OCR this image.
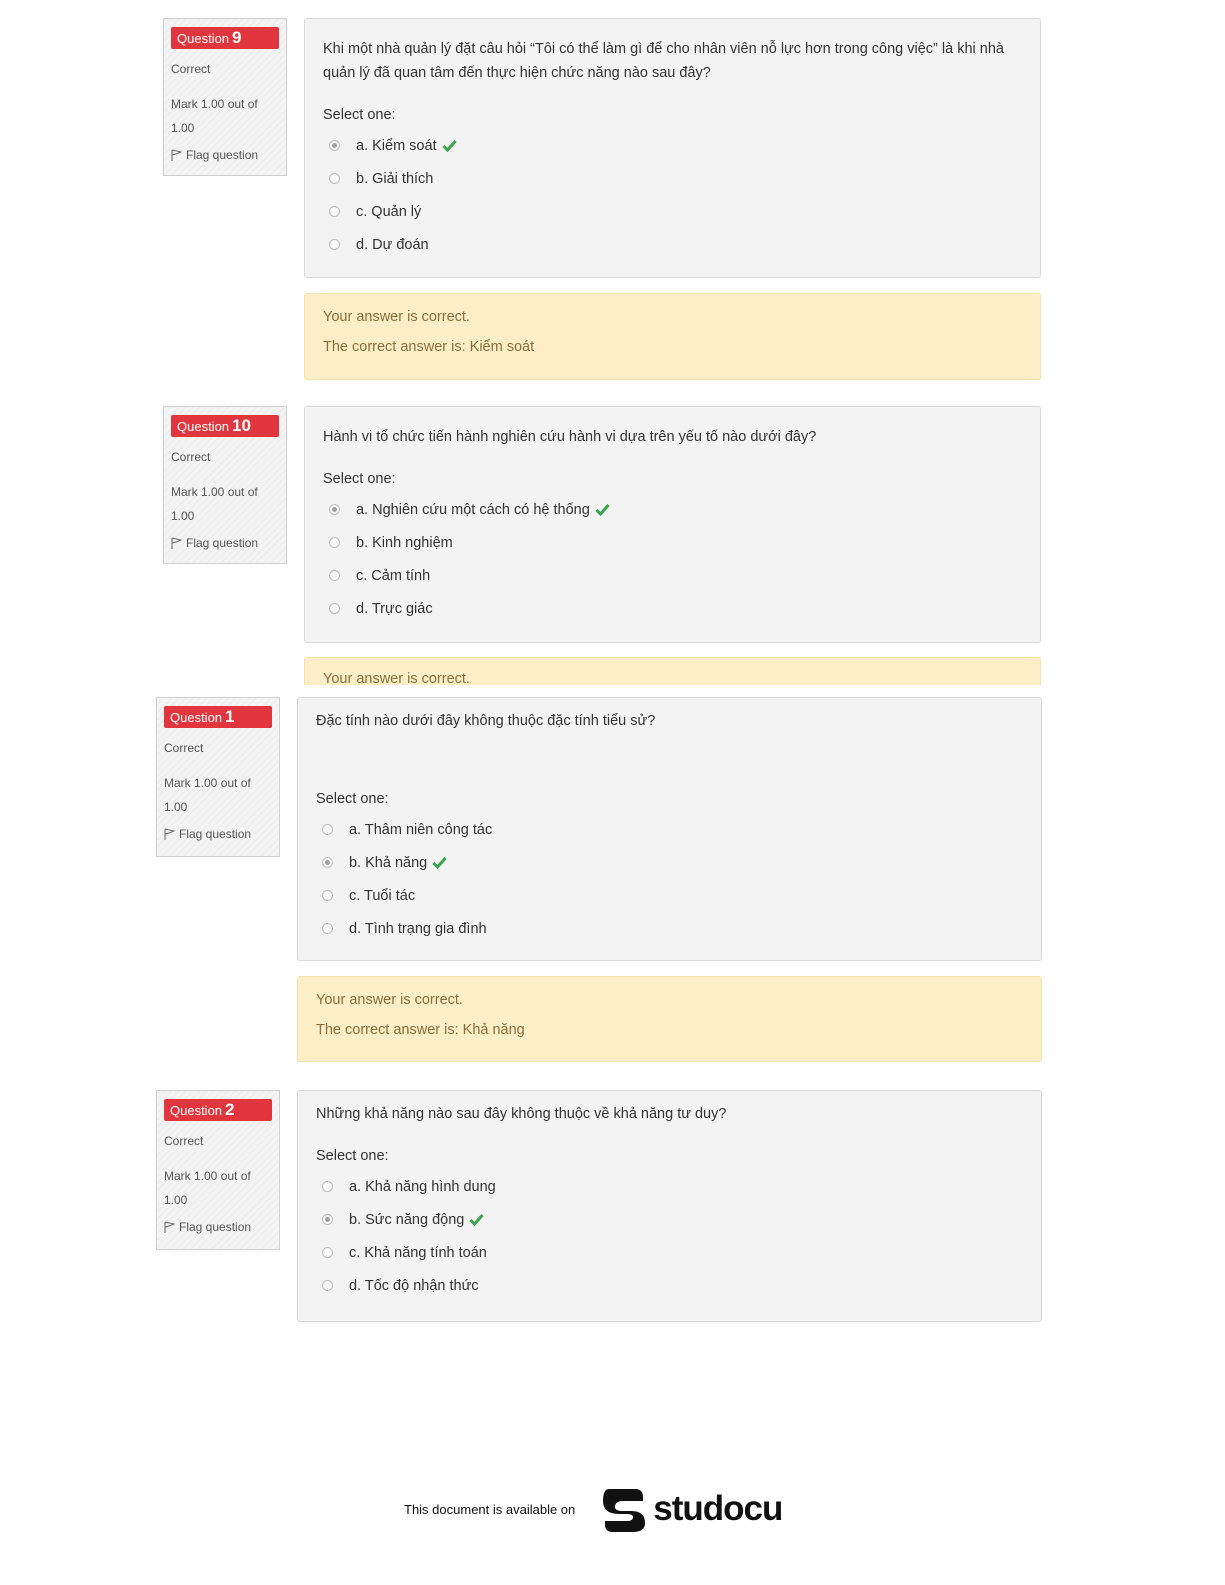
Question 9
Correct
Mark 1.00 out of 1.00
Flag question
Khi một nhà quản lý đặt câu hỏi “Tôi có thể làm gì để cho nhân viên nỗ lực hơn trong công việc” là khi nhà quản lý đã quan tâm đến thực hiện chức năng nào sau đây?
Select one:
a. Kiểm soát
b. Giải thích
c. Quản lý
d. Dự đoán
Your answer is correct.
The correct answer is: Kiểm soát
Question 10
Correct
Mark 1.00 out of 1.00
Flag question
Hành vi tổ chức tiến hành nghiên cứu hành vi dựa trên yếu tố nào dưới đây?
Select one:
a. Nghiên cứu một cách có hệ thống
b. Kinh nghiệm
c. Cảm tính
d. Trực giác
Your answer is correct.
Question 1
Correct
Mark 1.00 out of 1.00
Flag question
Đặc tính nào dưới đây không thuộc đặc tính tiểu sử?
Select one:
a. Thâm niên công tác
b. Khả năng
c. Tuổi tác
d. Tình trạng gia đình
Your answer is correct.
The correct answer is: Khả năng
Question 2
Correct
Mark 1.00 out of 1.00
Flag question
Những khả năng nào sau đây không thuộc về khả năng tư duy?
Select one:
a. Khả năng hình dung
b. Sức năng động
c. Khả năng tính toán
d. Tốc độ nhận thức
This document is available on studocu
